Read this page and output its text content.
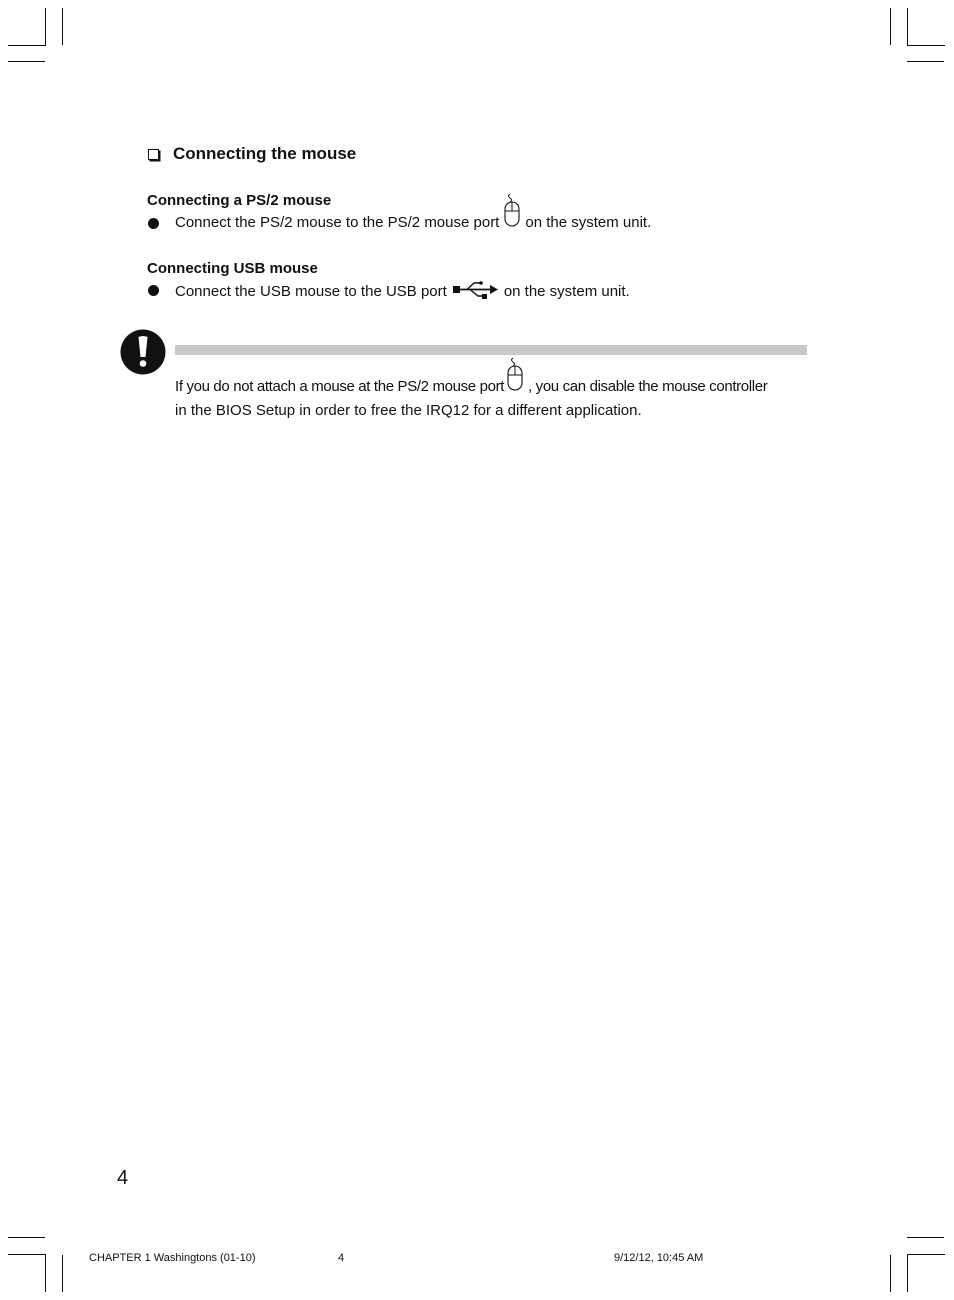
Connecting the mouse
Connecting a PS/2 mouse
Connect the PS/2 mouse to the PS/2 mouse port on the system unit.
Connecting USB mouse
Connect the USB mouse to the USB port	on the system unit.
If you do not attach a mouse at the PS/2 mouse port , you can disable the mouse controller
in the BIOS Setup in order to free the IRQ12 for a different application.
4
CHAPTER 1 Washingtons (01-10)	4	9/12/12, 10:45 AM
